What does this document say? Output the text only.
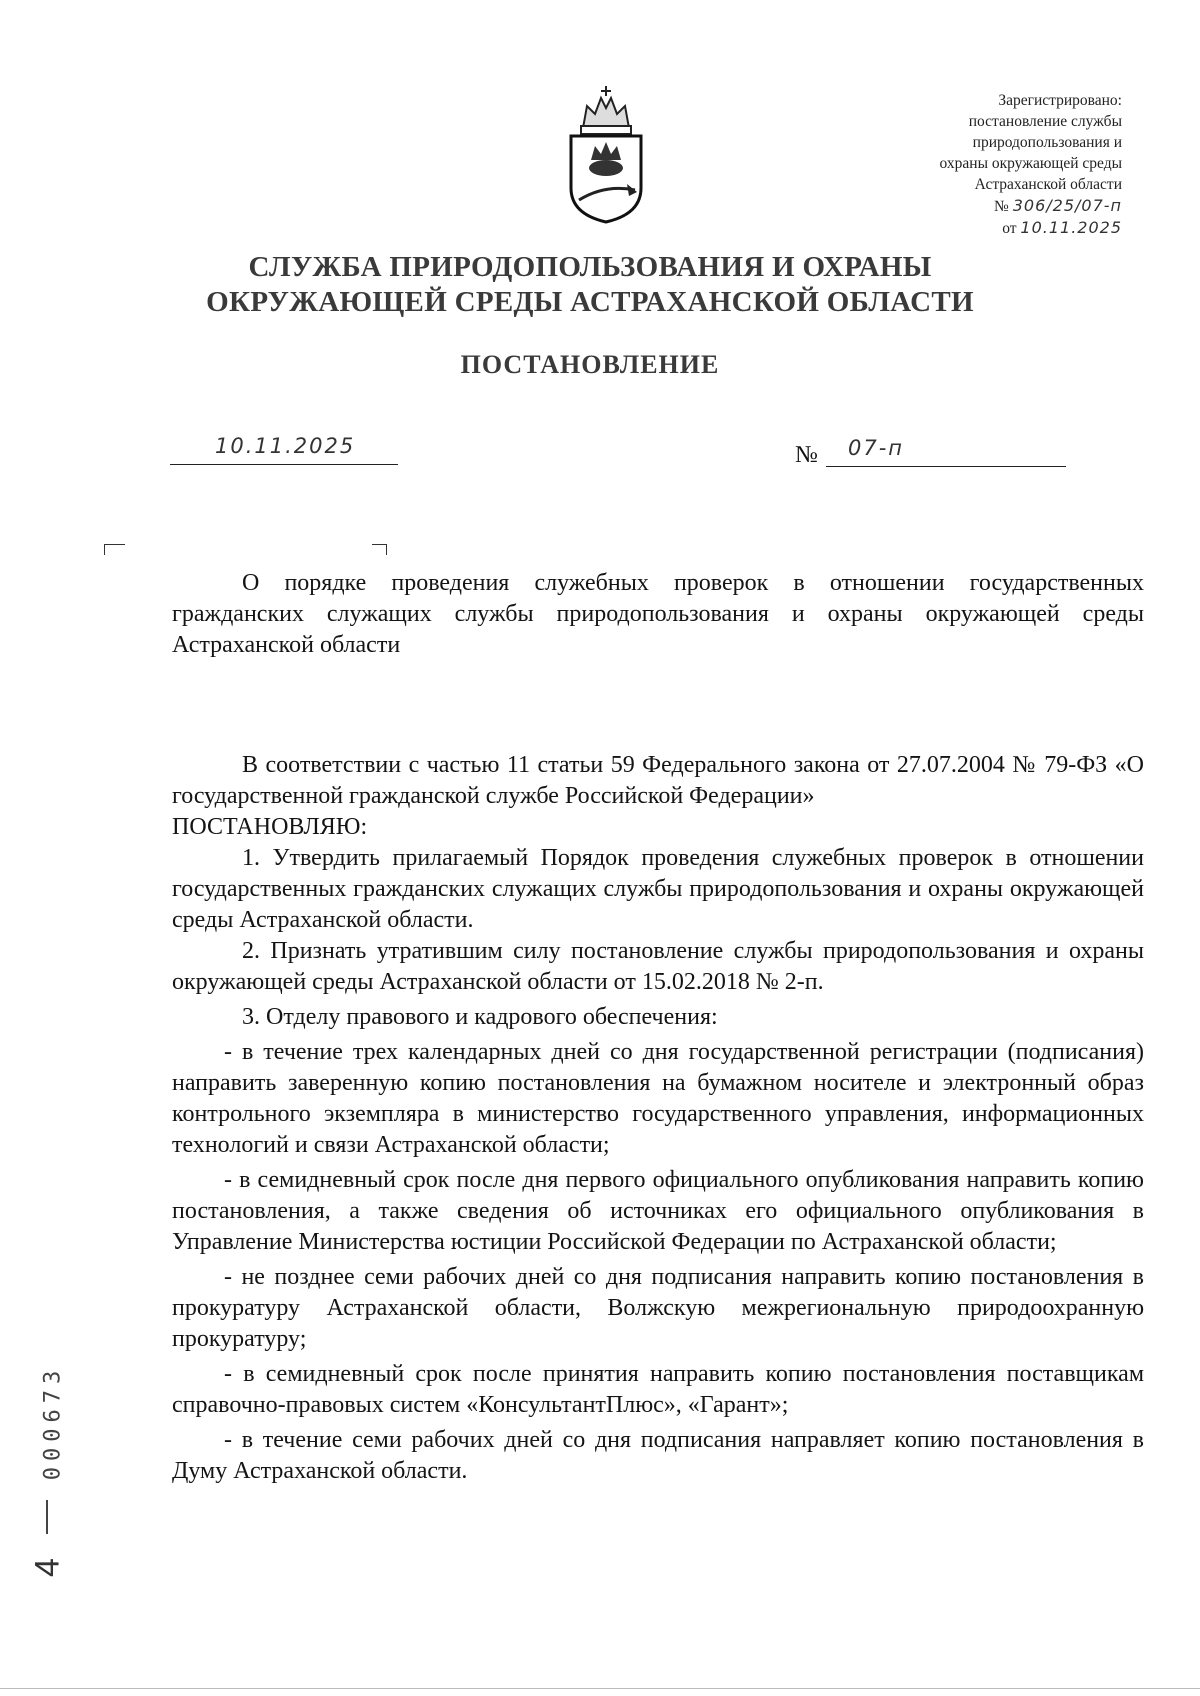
Зарегистрировано:
постановление службы
природопользования и
охраны окружающей среды
Астраханской области
№ 306/25/07-п
от 10.11.2025
СЛУЖБА ПРИРОДОПОЛЬЗОВАНИЯ И ОХРАНЫ
ОКРУЖАЮЩЕЙ СРЕДЫ АСТРАХАНСКОЙ ОБЛАСТИ
ПОСТАНОВЛЕНИЕ
10.11.2025	№ 07-п
О порядке проведения служебных проверок в отношении государственных гражданских служащих службы природопользования и охраны окружающей среды Астраханской области

В соответствии с частью 11 статьи 59 Федерального закона от 27.07.2004 № 79-ФЗ «О государственной гражданской службе Российской Федерации»

ПОСТАНОВЛЯЮ:

1. Утвердить прилагаемый Порядок проведения служебных проверок в отношении государственных гражданских служащих службы природопользования и охраны окружающей среды Астраханской области.

2. Признать утратившим силу постановление службы природопользования и охраны окружающей среды Астраханской области от 15.02.2018 № 2-п.

3. Отделу правового и кадрового обеспечения:

- в течение трех календарных дней со дня государственной регистрации (подписания) направить заверенную копию постановления на бумажном носителе и электронный образ контрольного экземпляра в министерство государственного управления, информационных технологий и связи Астраханской области;

- в семидневный срок после дня первого официального опубликования направить копию постановления, а также сведения об источниках его официального опубликования в Управление Министерства юстиции Российской Федерации по Астраханской области;

- не позднее семи рабочих дней со дня подписания направить копию постановления в прокуратуру Астраханской области, Волжскую межрегиональную природоохранную прокуратуру;

- в семидневный срок после принятия направить копию постановления поставщикам справочно-правовых систем «КонсультантПлюс», «Гарант»;

- в течение семи рабочих дней со дня подписания направляет копию постановления в Думу Астраханской области.

000673
4
